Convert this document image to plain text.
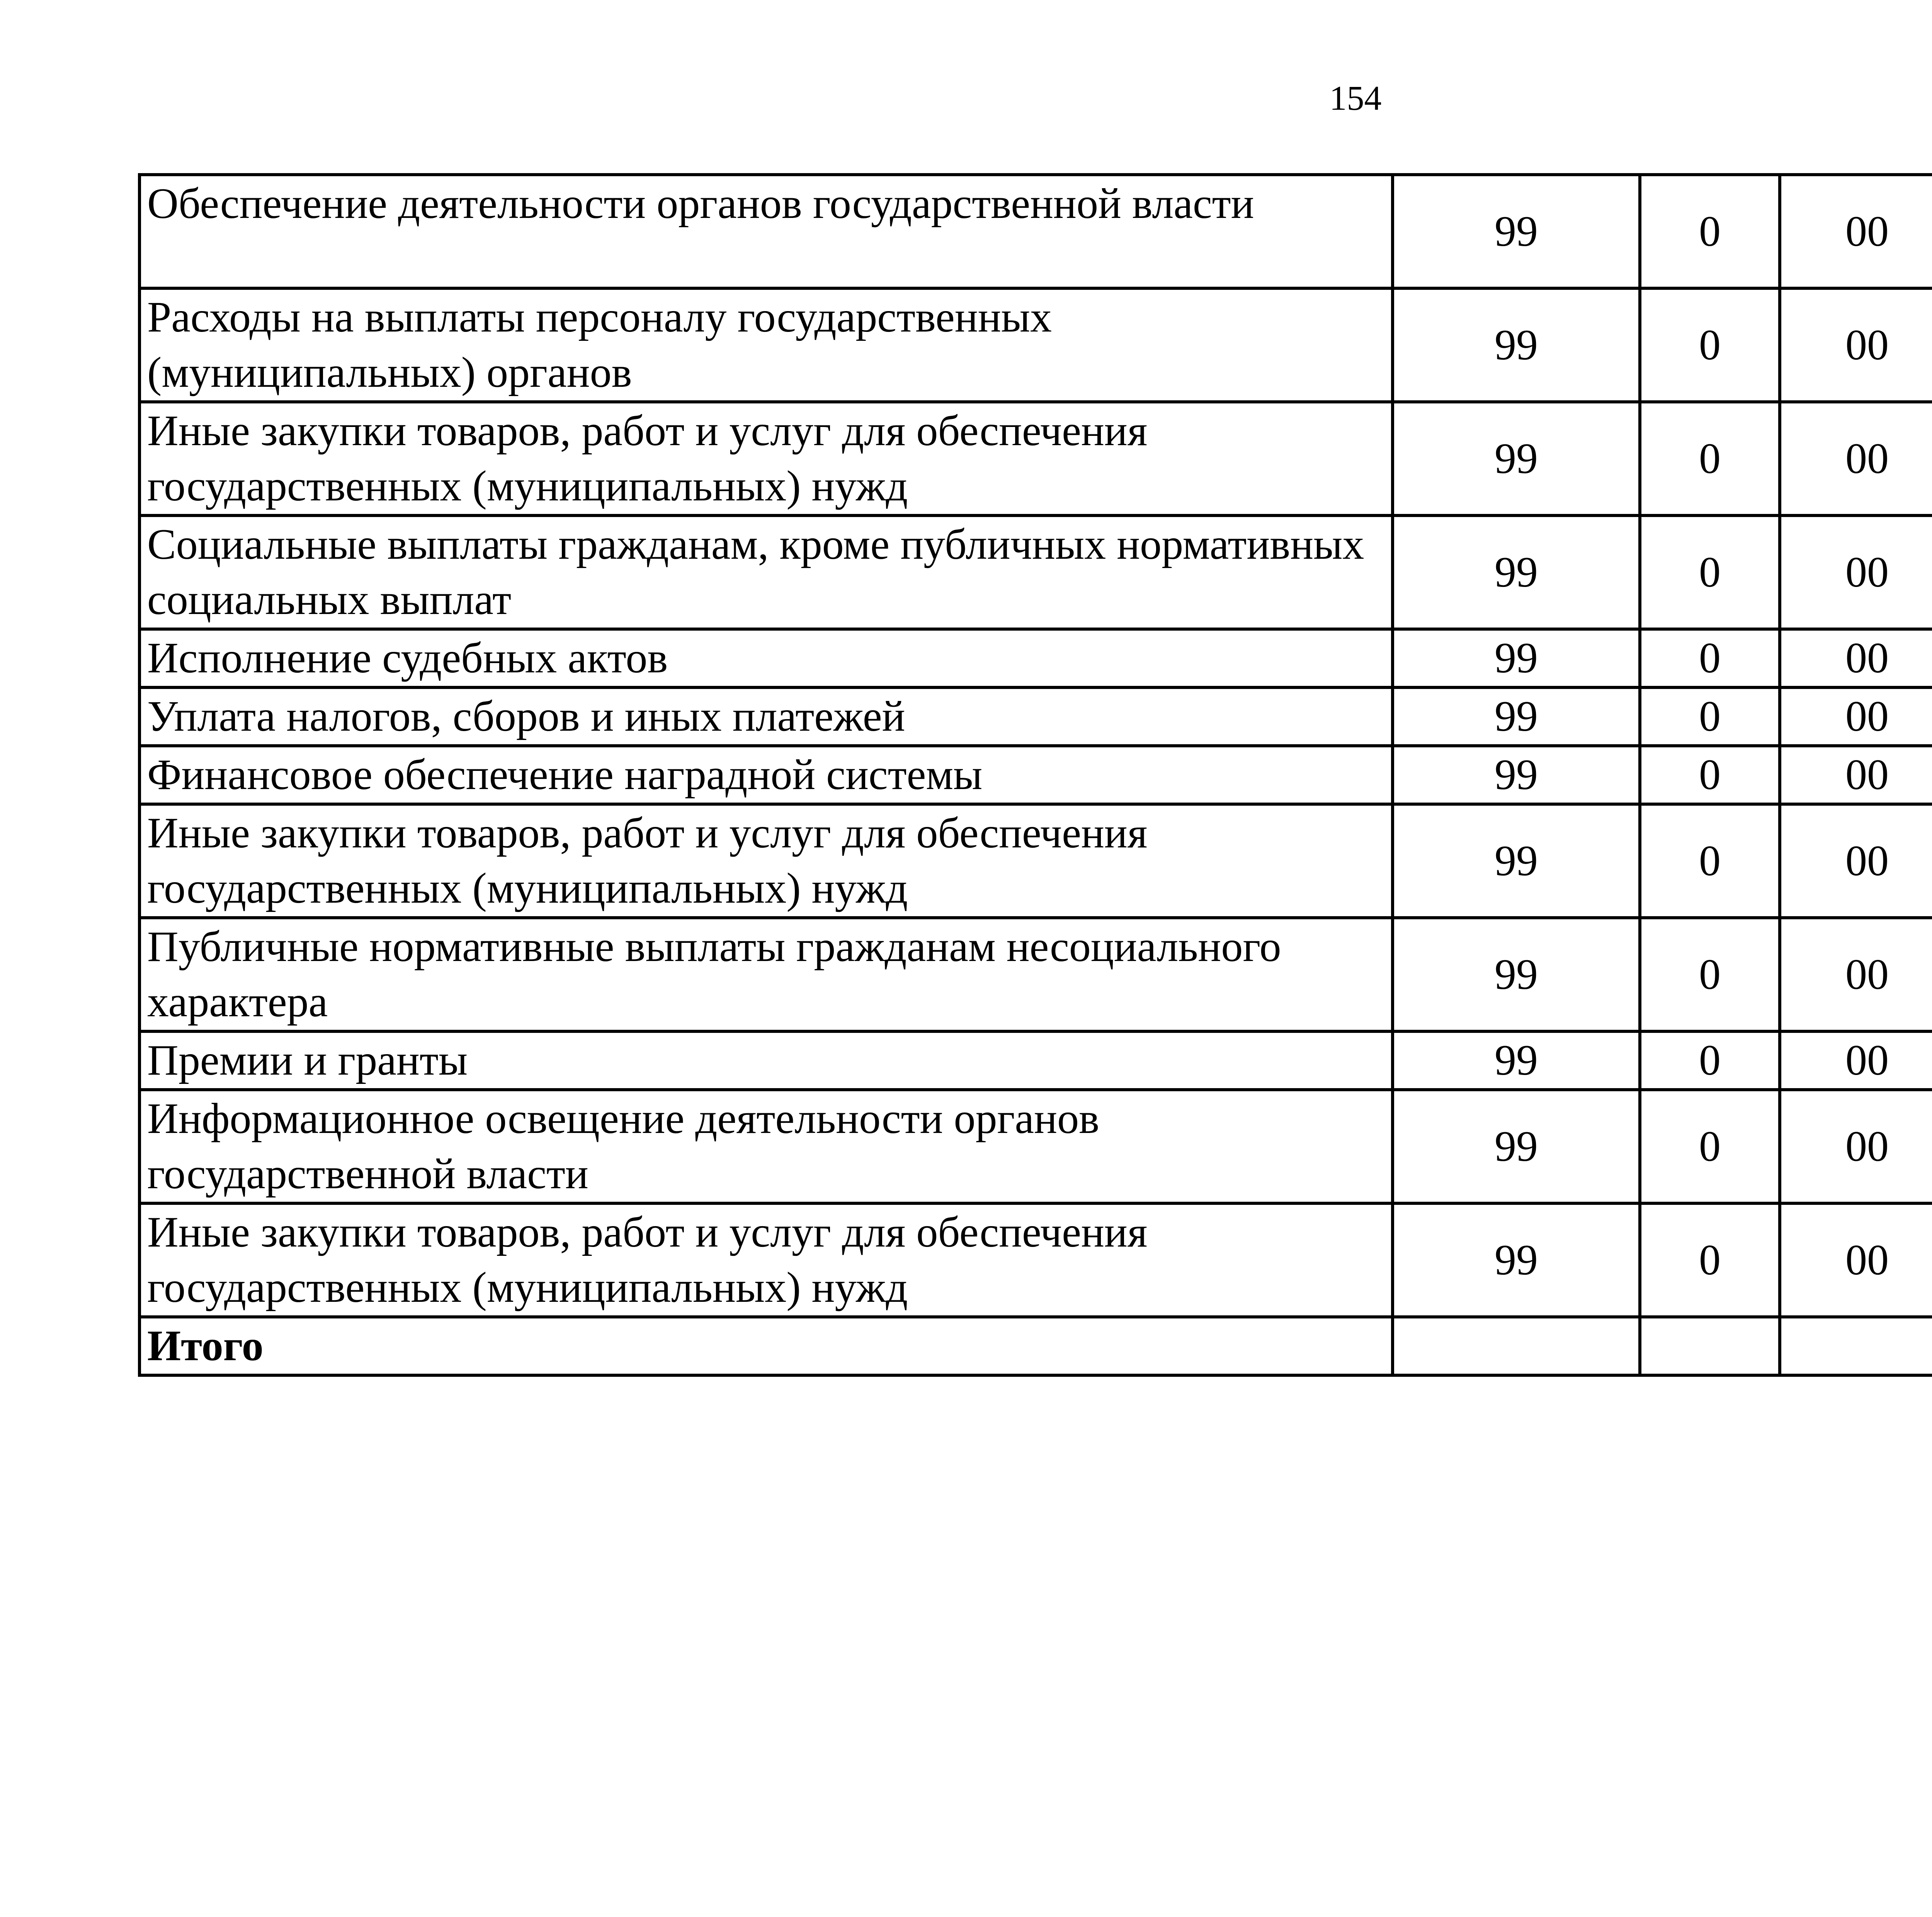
154
Обеспечение деятельности органов государственной власти	99	0	00			
Расходы на выплаты персоналу государственных (муниципальных) органов	99	0	00			
Иные закупки товаров, работ и услуг для обеспечения государственных (муниципальных) нужд	99	0	00			
Социальные выплаты гражданам, кроме публичных нормативных социальных выплат	99	0	00			
Исполнение судебных актов	99	0	00			
Уплата налогов, сборов и иных платежей	99	0	00			
Финансовое обеспечение наградной системы	99	0	00			
Иные закупки товаров, работ и услуг для обеспечения государственных (муниципальных) нужд	99	0	00			
Публичные нормативные выплаты гражданам несоциального характера	99	0	00			
Премии и гранты	99	0	00			
Информационное освещение деятельности органов государственной власти	99	0	00			
Иные закупки товаров, работ и услуг для обеспечения государственных (муниципальных) нужд	99	0	00			
Итого						
